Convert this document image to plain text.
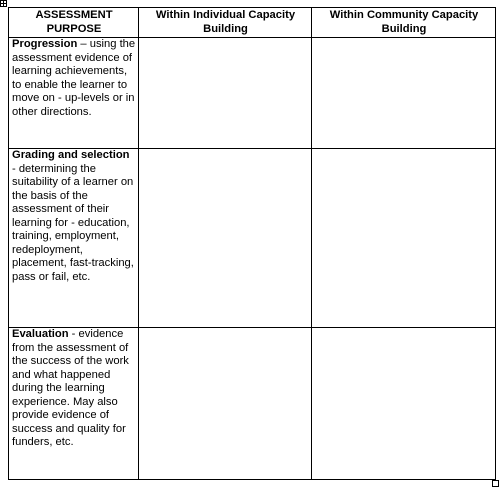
ASSESSMENT PURPOSE	Within Individual Capacity Building	Within Community Capacity Building

Progression – using the assessment evidence of learning achievements, to enable the learner to move on - up-levels or in other directions.		

Grading and selection - determining the suitability of a learner on the basis of the assessment of their learning for - education, training, employment, redeployment, placement, fast-tracking, pass or fail, etc.		

Evaluation - evidence from the assessment of the success of the work and what happened during the learning experience. May also provide evidence of success and quality for funders, etc.		
